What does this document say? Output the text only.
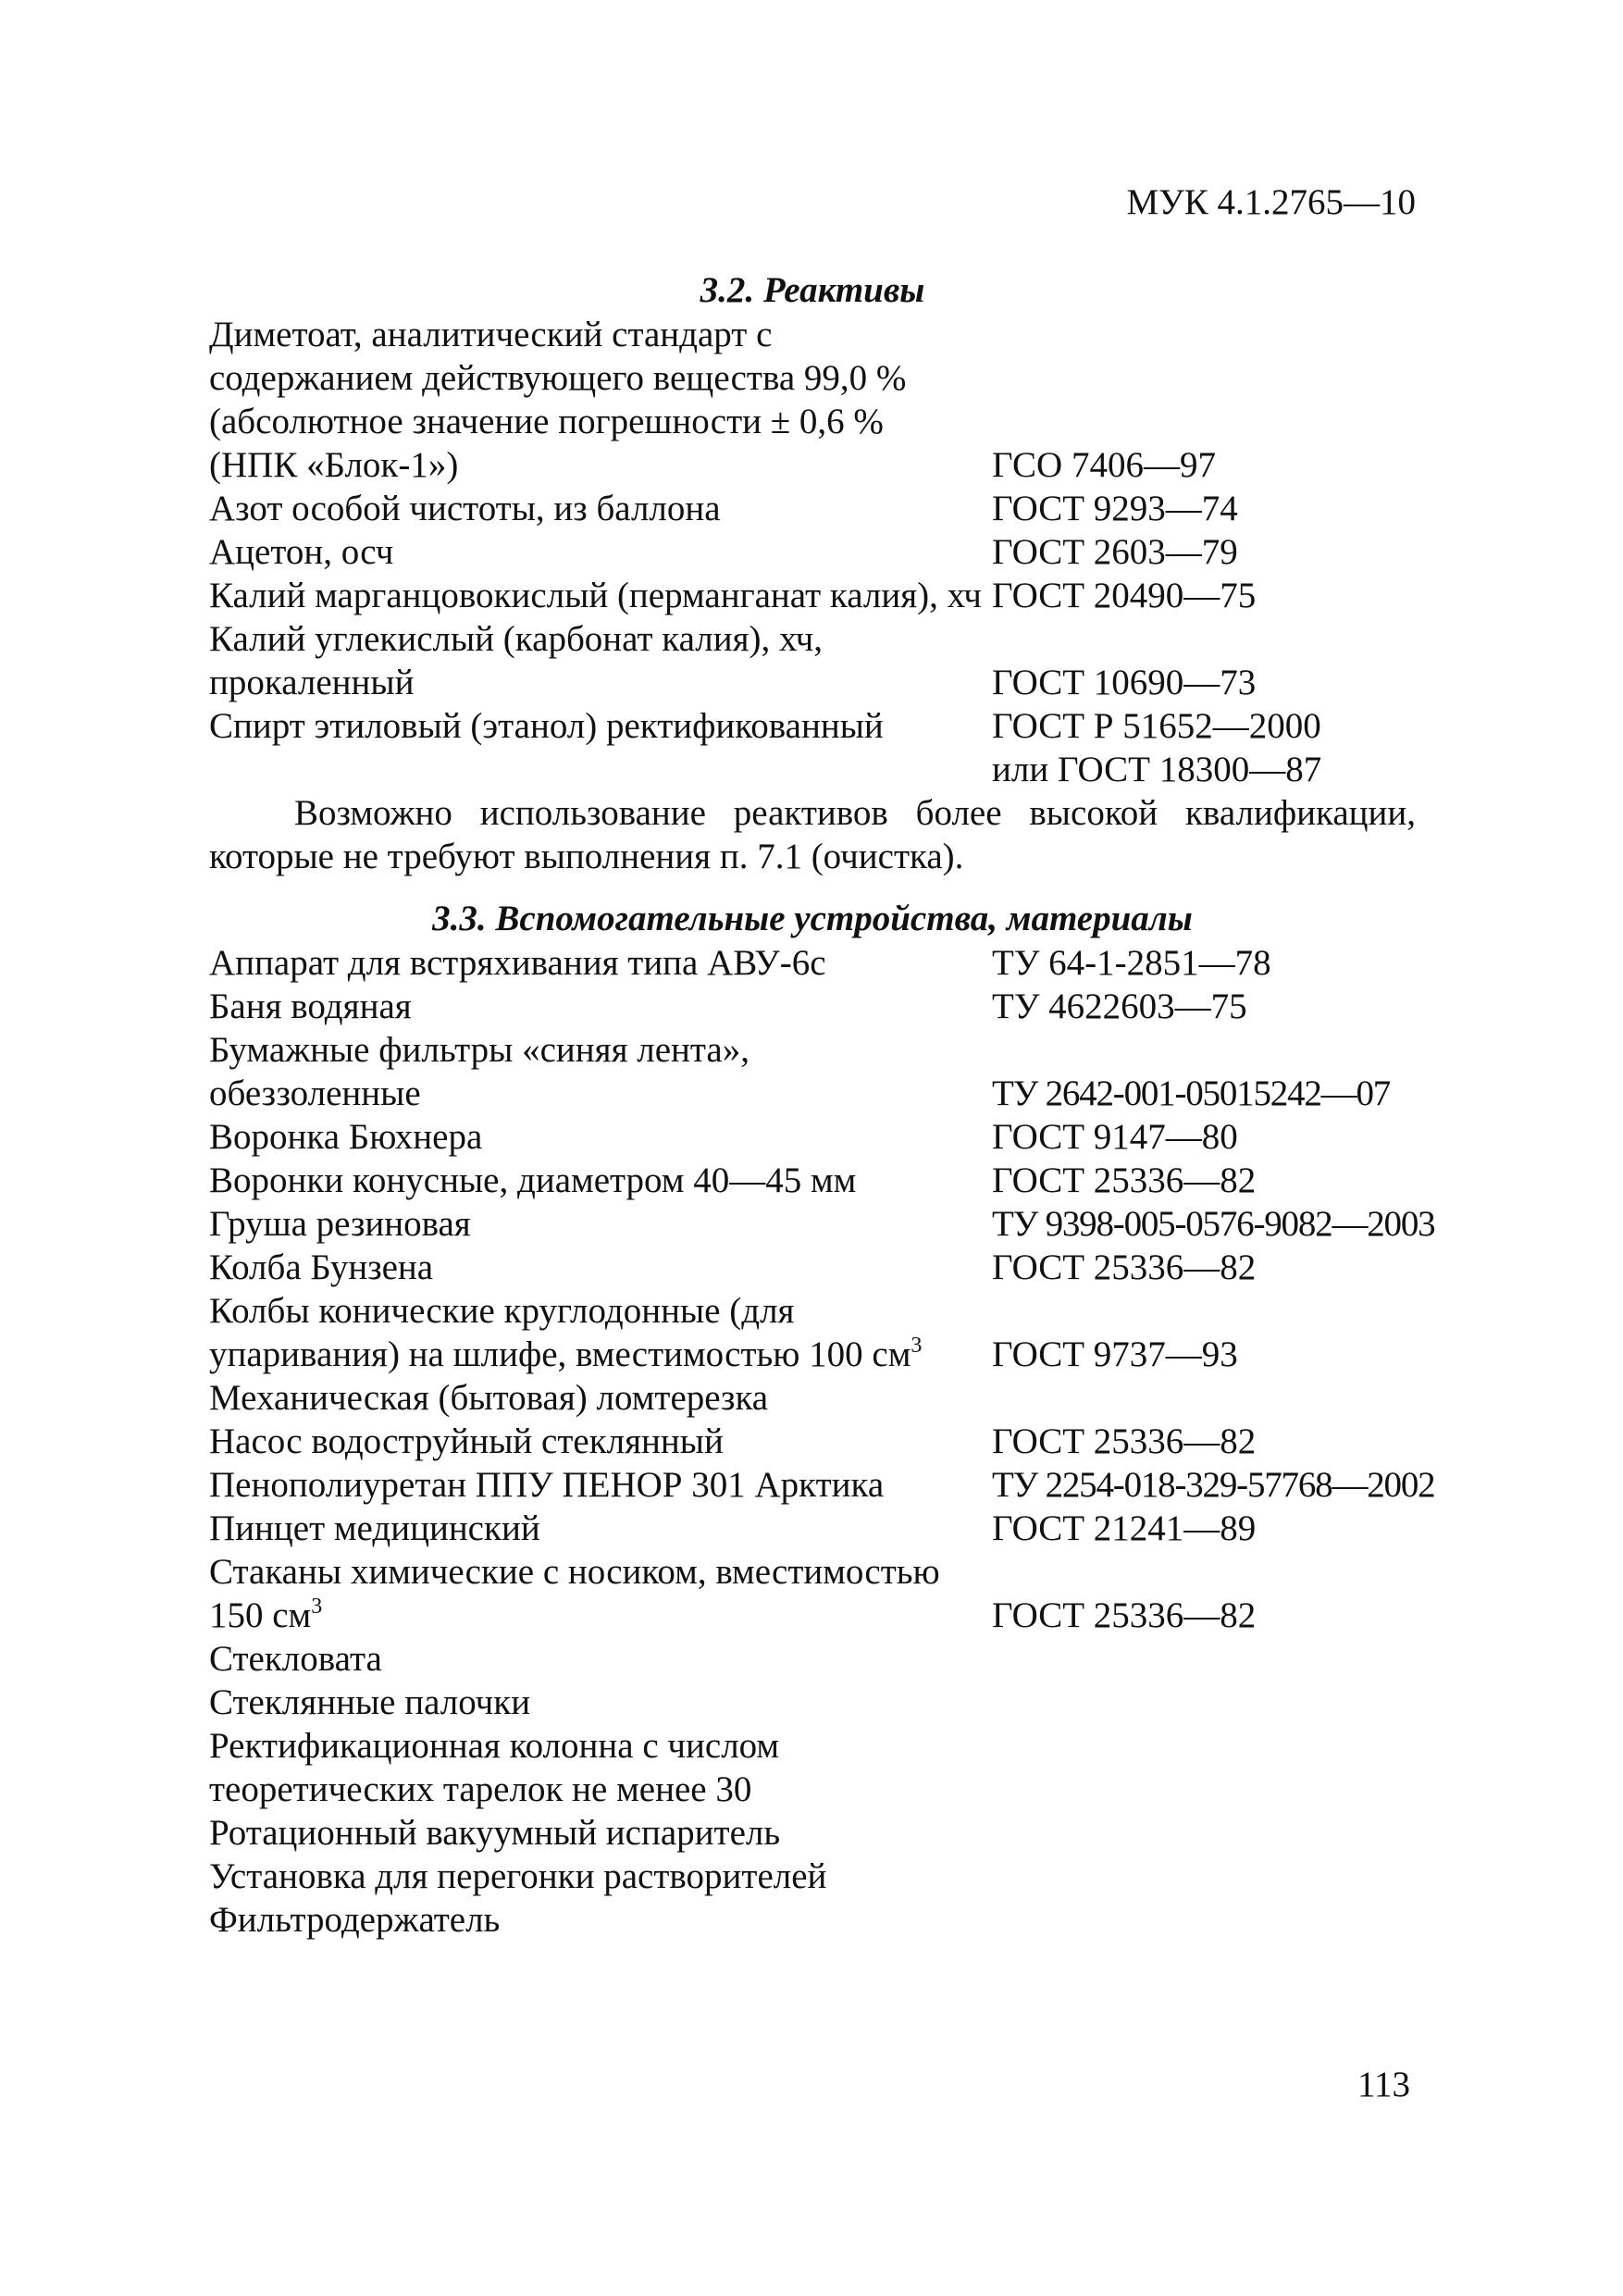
МУК 4.1.2765—10
3.2. Реактивы
Диметоат, аналитический стандарт с
содержанием действующего вещества 99,0 %
(абсолютное значение погрешности ± 0,6 %
(НПК «Блок-1»)	ГСО 7406—97
Азот особой чистоты, из баллона	ГОСТ 9293—74
Ацетон, осч	ГОСТ 2603—79
Калий марганцовокислый (перманганат калия), хч ГОСТ 20490—75
Калий углекислый (карбонат калия), хч,
прокаленный	ГОСТ 10690—73
Спирт этиловый (этанол) ректификованный	ГОСТ Р 51652—2000
или ГОСТ 18300—87

Возможно использование реактивов более высокой квалификации, которые не требуют выполнения п. 7.1 (очистка).

3.3. Вспомогательные устройства, материалы
Аппарат для встряхивания типа АВУ-6с	ТУ 64-1-2851—78
Баня водяная	ТУ 4622603—75
Бумажные фильтры «синяя лента»,
обеззоленные	ТУ 2642-001-05015242—07
Воронка Бюхнера	ГОСТ 9147—80
Воронки конусные, диаметром 40—45 мм	ГОСТ 25336—82
Груша резиновая	ТУ 9398-005-0576-9082—2003
Колба Бунзена	ГОСТ 25336—82
Колбы конические круглодонные (для
упаривания) на шлифе, вместимостью 100 $см^3$	ГОСТ 9737—93
Механическая (бытовая) ломтерезка
Насос водоструйный стеклянный	ГОСТ 25336—82
Пенополиуретан ППУ ПЕНОР 301 Арктика	ТУ 2254-018-329-57768—2002
Пинцет медицинский	ГОСТ 21241—89
Стаканы химические с носиком, вместимостью
150 $см^3$	ГОСТ 25336—82
Стекловата
Стеклянные палочки
Ректификационная колонна с числом
теоретических тарелок не менее 30
Ротационный вакуумный испаритель
Установка для перегонки растворителей
Фильтродержатель
113
